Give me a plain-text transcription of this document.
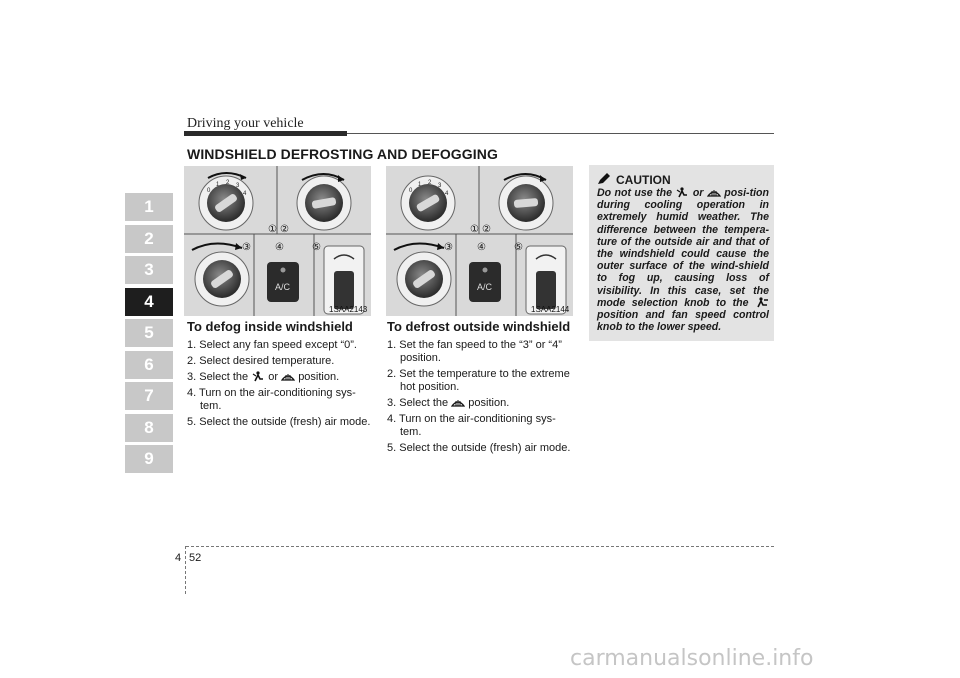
Driving your vehicle
WINDSHIELD DEFROSTING AND DEFOGGING
1
2
3
4
5
6
7
8
9
0
1 2 3
4
① ②
③ ④	⑤
A/C
1SAA2143
0
1 2 3
4
① ②
③ ④	⑤
A/C
1SAA2144
To defog inside windshield
1. Select any fan speed except “0”.
2. Select desired temperature.
3. Select the or position.
4. Turn on the air-conditioning sys-tem.
5. Select the outside (fresh) air mode.
To defrost outside windshield
1. Set the fan speed to the “3” or “4” position.
2. Set the temperature to the extreme hot position.
3. Select the position.
4. Turn on the air-conditioning sys-tem.
5. Select the outside (fresh) air mode.
CAUTION
Do not use the or posi-tion during cooling operation in extremely humid weather. The difference between the tempera-ture of the outside air and that of the windshield could cause the outer surface of the wind-shield to fog up, causing loss of visibility. In this case, set the mode selection knob to the  position and fan speed control knob to the lower speed.
4 52
carmanualsonline.info
